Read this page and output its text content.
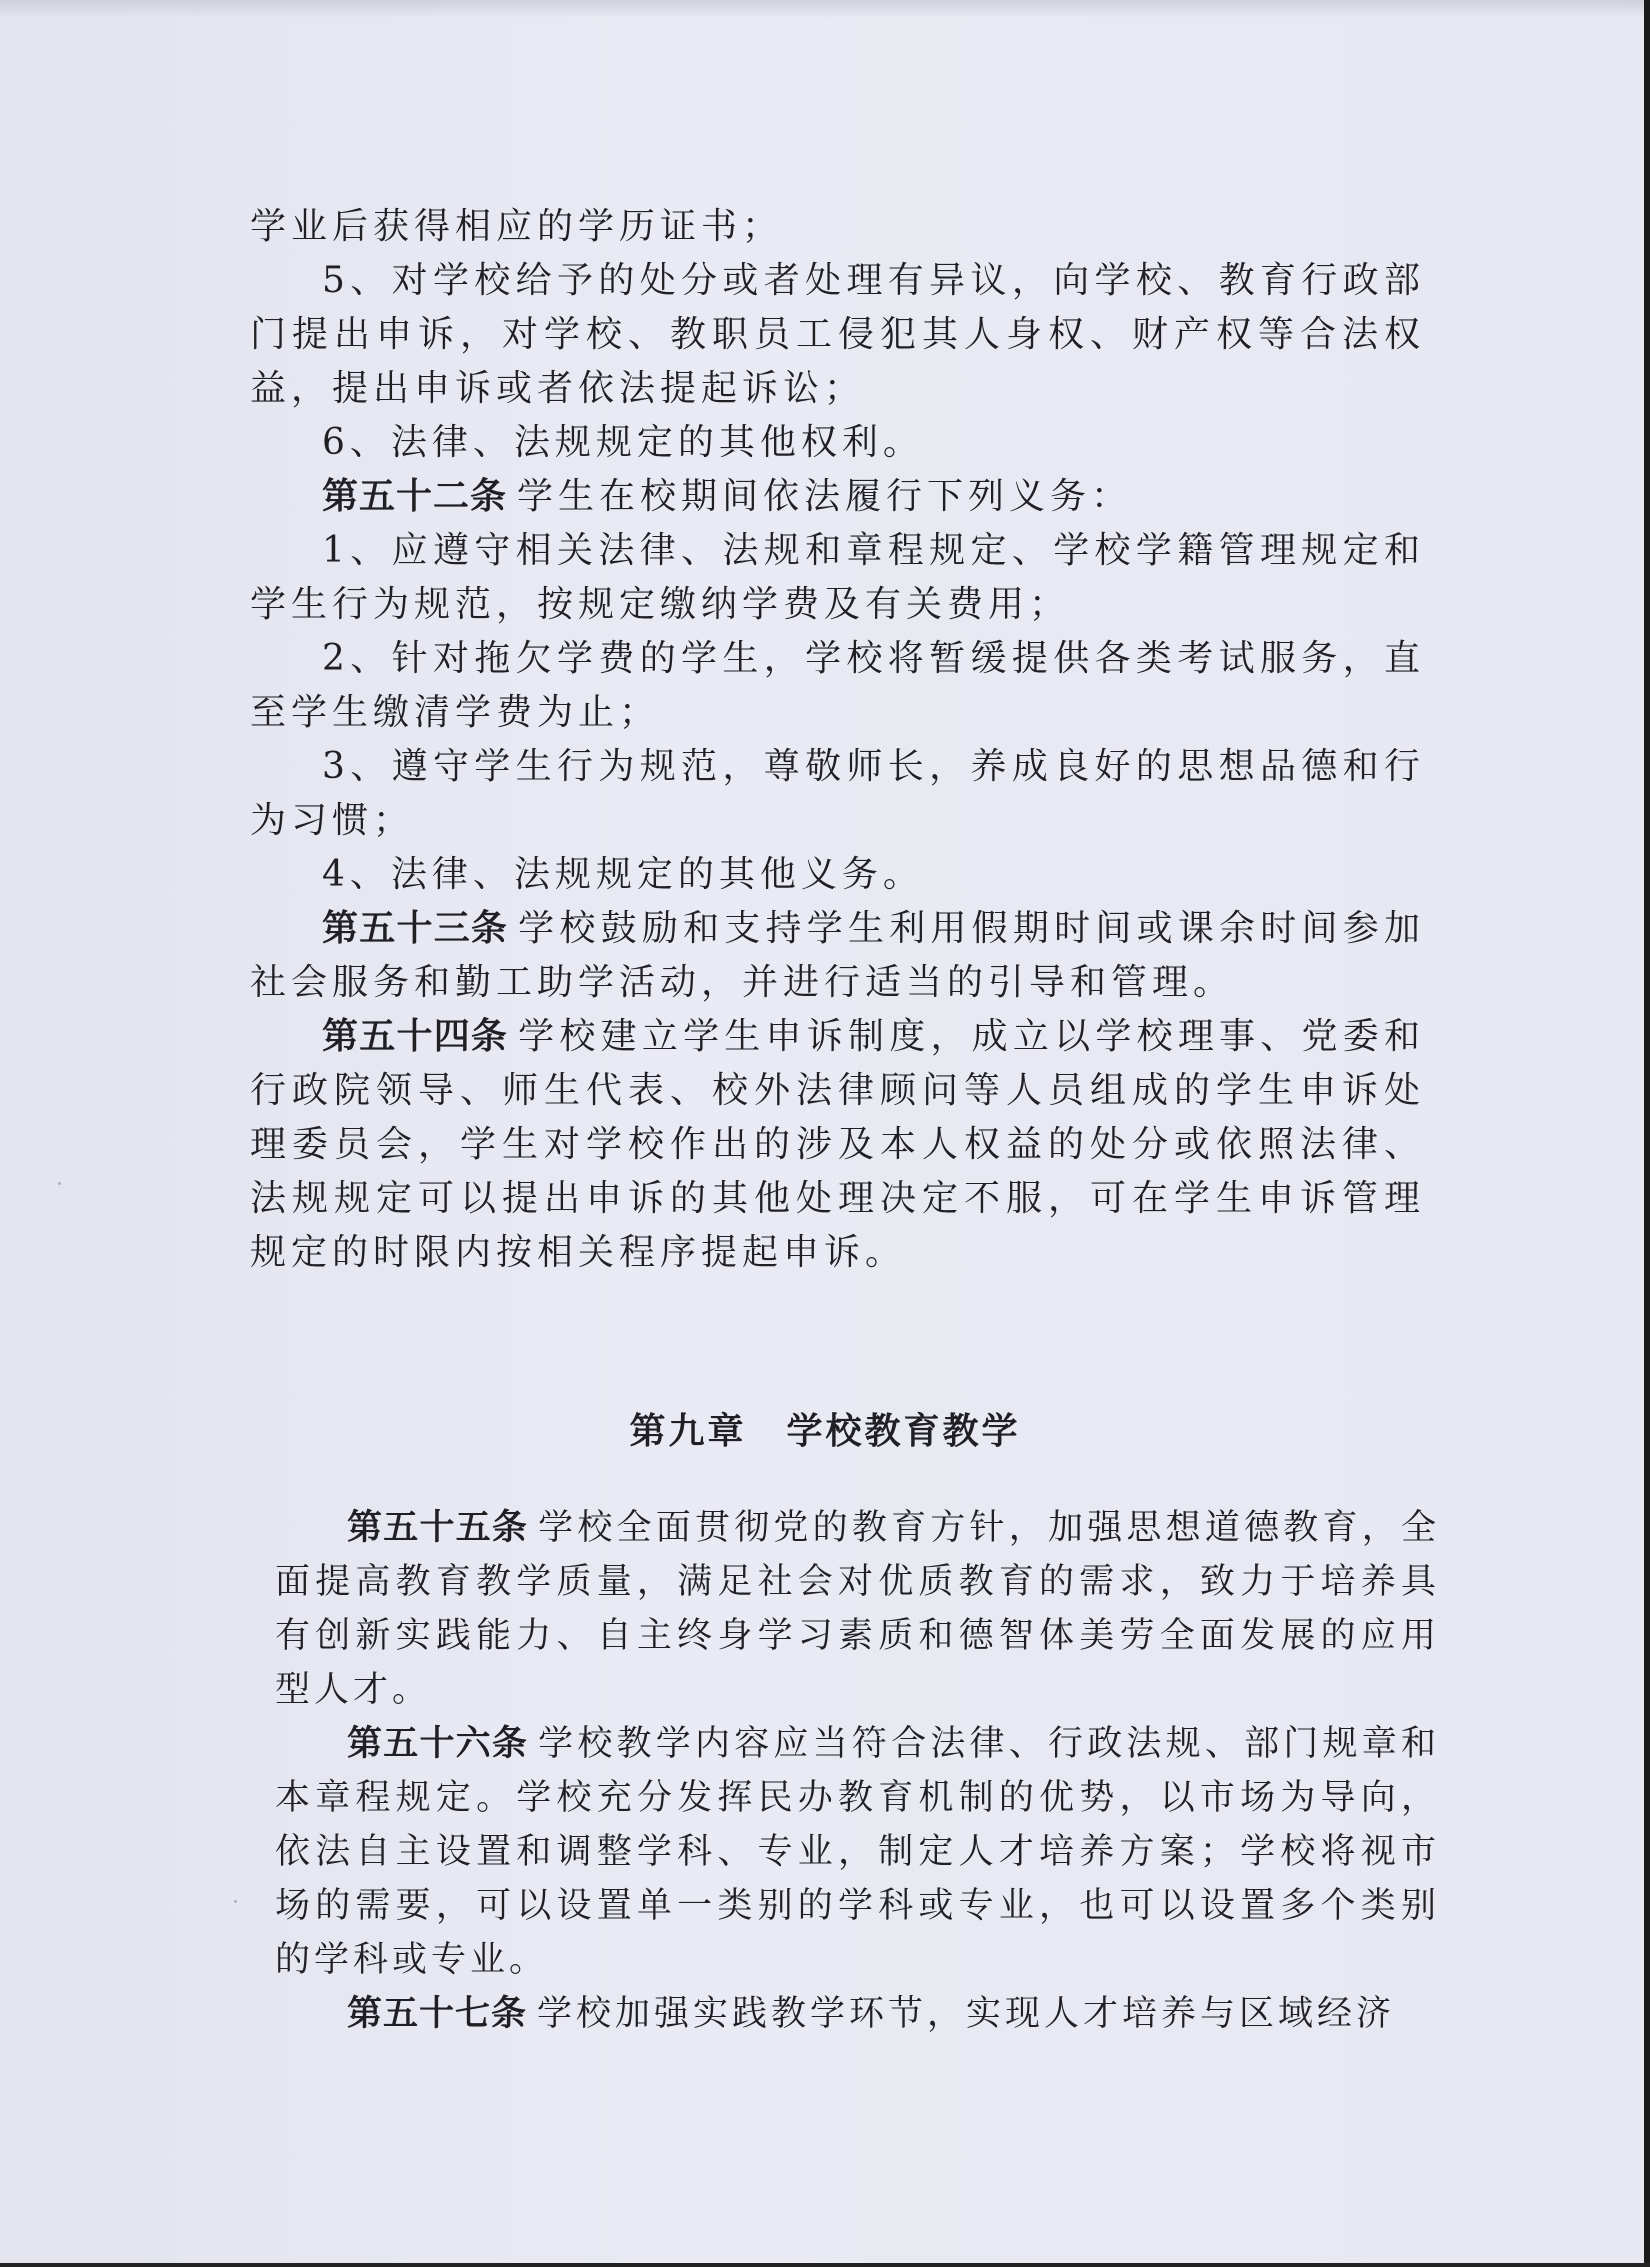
学业后获得相应的学历证书；

5、对学校给予的处分或者处理有异议，向学校、教育行政部门提出申诉，对学校、教职员工侵犯其人身权、财产权等合法权益，提出申诉或者依法提起诉讼；

6、法律、法规规定的其他权利。

第五十二条 学生在校期间依法履行下列义务：

1、应遵守相关法律、法规和章程规定、学校学籍管理规定和学生行为规范，按规定缴纳学费及有关费用；

2、针对拖欠学费的学生，学校将暂缓提供各类考试服务，直至学生缴清学费为止；

3、遵守学生行为规范，尊敬师长，养成良好的思想品德和行为习惯；

4、法律、法规规定的其他义务。

第五十三条 学校鼓励和支持学生利用假期时间或课余时间参加社会服务和勤工助学活动，并进行适当的引导和管理。

第五十四条 学校建立学生申诉制度，成立以学校理事、党委和行政院领导、师生代表、校外法律顾问等人员组成的学生申诉处理委员会，学生对学校作出的涉及本人权益的处分或依照法律、法规规定可以提出申诉的其他处理决定不服，可在学生申诉管理规定的时限内按相关程序提起申诉。

第九章 学校教育教学

第五十五条 学校全面贯彻党的教育方针，加强思想道德教育，全面提高教育教学质量，满足社会对优质教育的需求，致力于培养具有创新实践能力、自主终身学习素质和德智体美劳全面发展的应用型人才。

第五十六条 学校教学内容应当符合法律、行政法规、部门规章和本章程规定。学校充分发挥民办教育机制的优势，以市场为导向，依法自主设置和调整学科、专业，制定人才培养方案；学校将视市场的需要，可以设置单一类别的学科或专业，也可以设置多个类别的学科或专业。

第五十七条 学校加强实践教学环节，实现人才培养与区域经济
